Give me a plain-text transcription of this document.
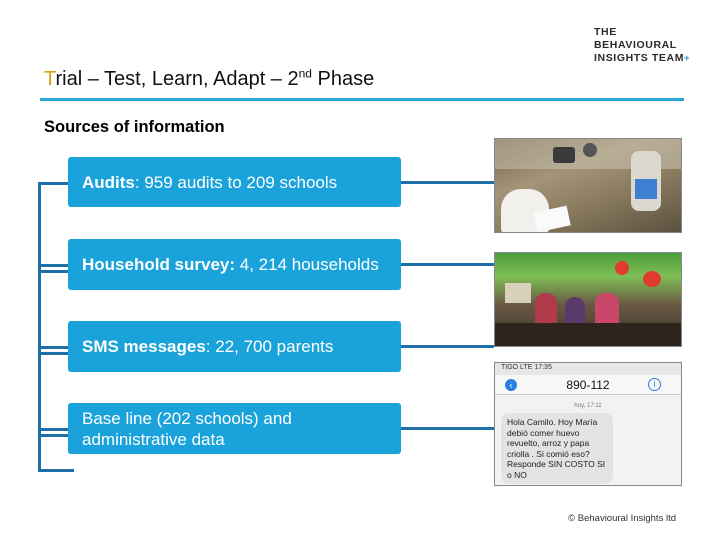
THE
BEHAVIOURAL
INSIGHTS TEAM+
Trial – Test, Learn, Adapt – 2nd Phase
Sources of information
Audits: 959 audits to 209 schools
Household survey: 4, 214 households
SMS messages: 22, 700 parents
Base line (202 schools) and administrative data
TIGO LTE 17:35
890-112
‹	i
hoy, 17:11
Hola Camilo. Hoy María debió comer huevo revuelto, arroz y papa criolla . Si comió eso? Responde SIN COSTO SI o NO
© Behavioural Insights ltd
